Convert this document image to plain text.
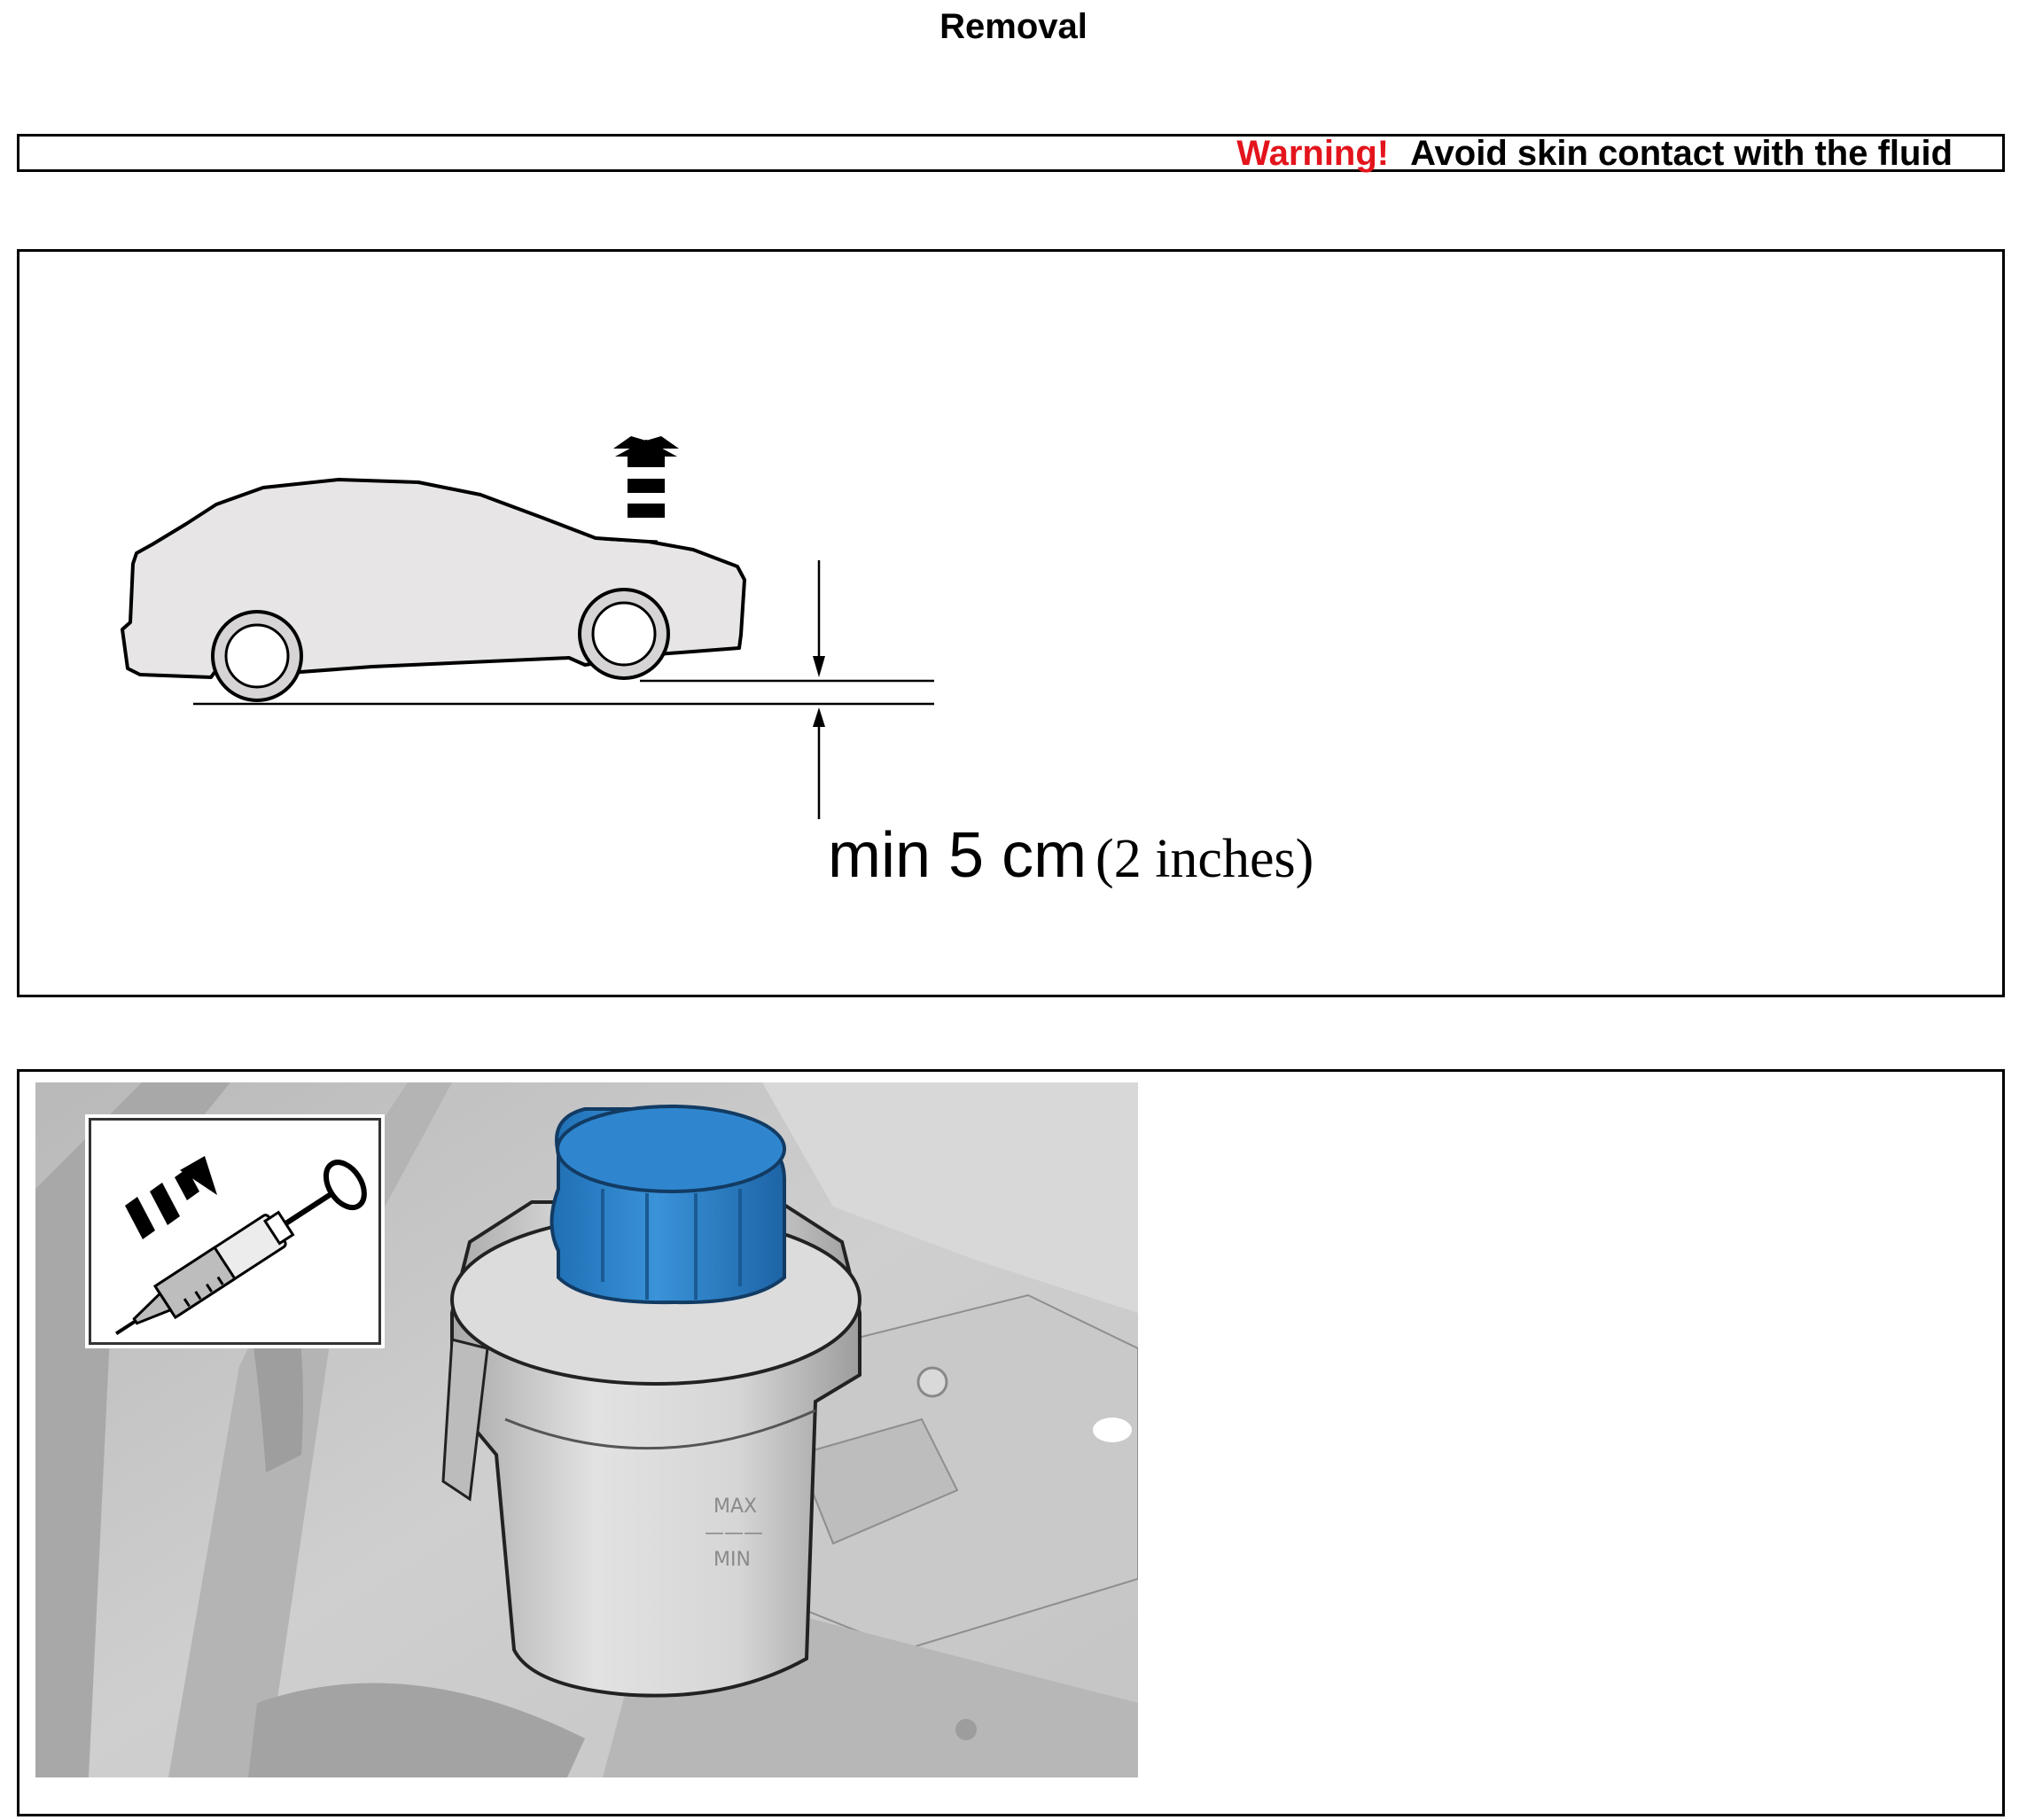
Removal
Warning! Avoid skin contact with the fluid
min 5 cm (2 inches)
MAX
———
MIN
